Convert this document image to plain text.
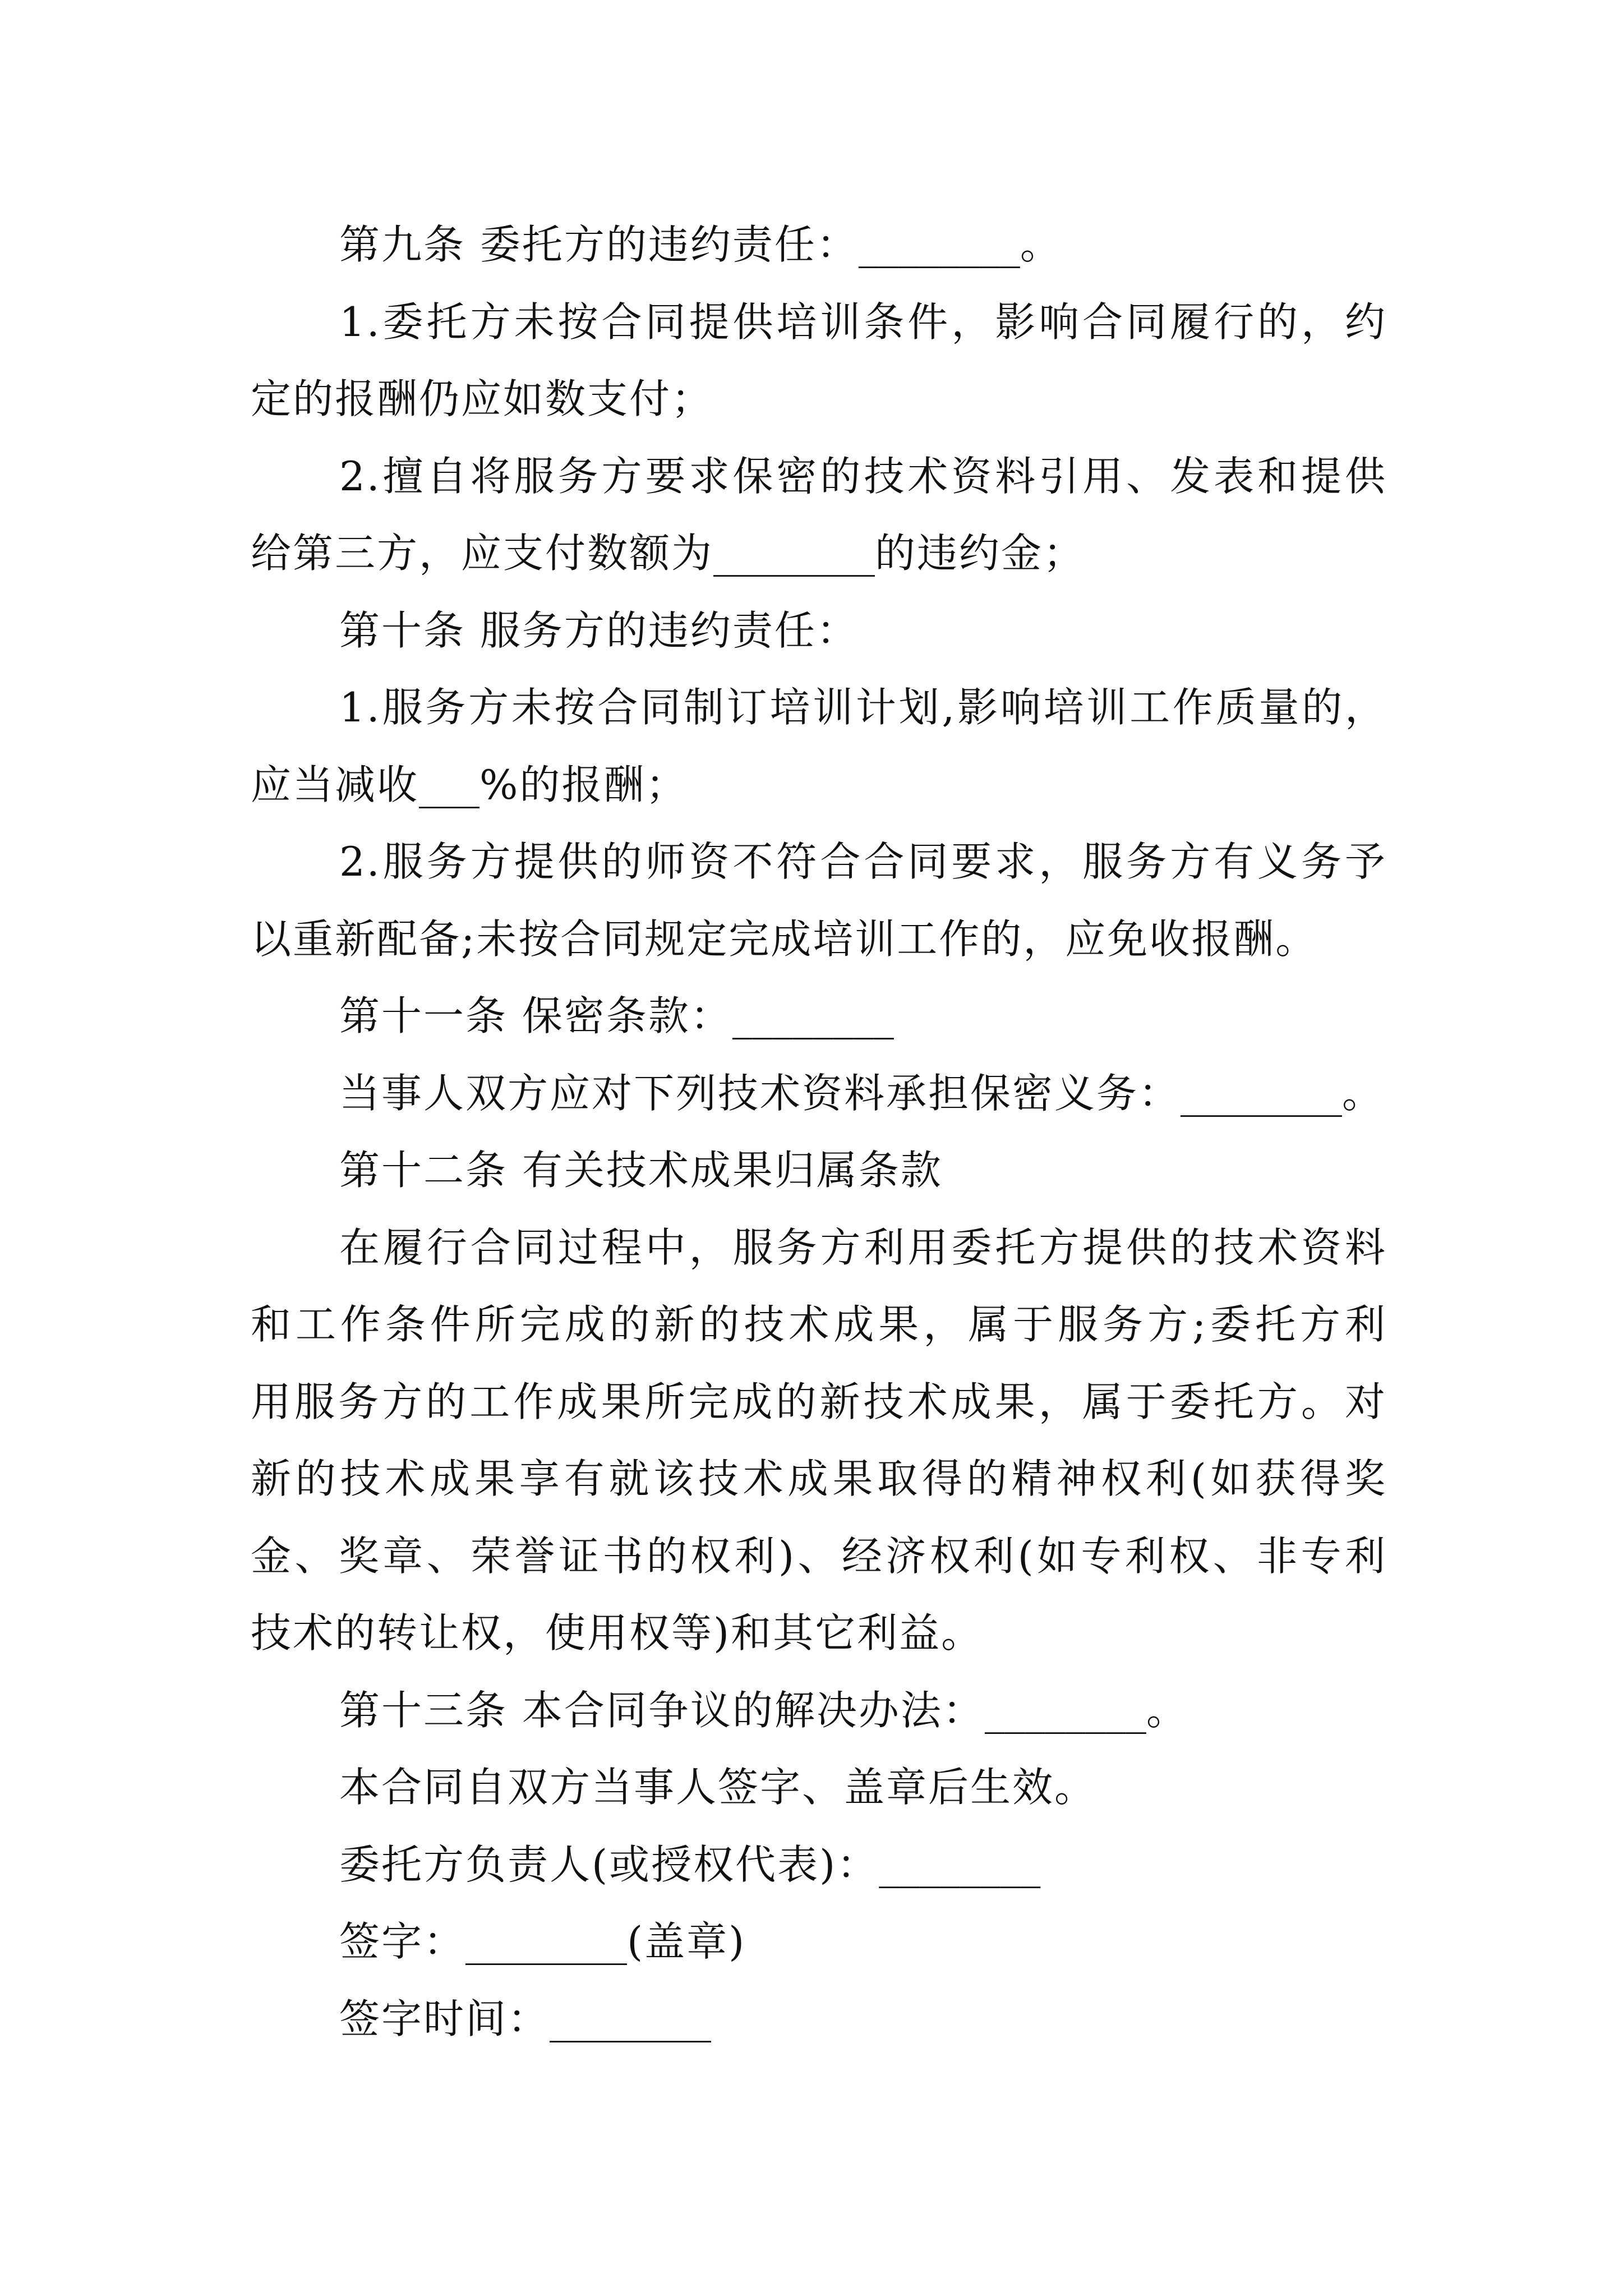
第九条 委托方的违约责任：________。
1.委托方未按合同提供培训条件，影响合同履行的，约
定的报酬仍应如数支付；
2.擅自将服务方要求保密的技术资料引用、发表和提供
给第三方，应支付数额为________的违约金；
第十条 服务方的违约责任：
1.服务方未按合同制订培训计划,影响培训工作质量的，
应当减收___%的报酬；
2.服务方提供的师资不符合合同要求，服务方有义务予
以重新配备;未按合同规定完成培训工作的，应免收报酬。
第十一条 保密条款：________
当事人双方应对下列技术资料承担保密义务：________。
第十二条 有关技术成果归属条款
在履行合同过程中，服务方利用委托方提供的技术资料
和工作条件所完成的新的技术成果，属于服务方;委托方利
用服务方的工作成果所完成的新技术成果，属于委托方。对
新的技术成果享有就该技术成果取得的精神权利(如获得奖
金、奖章、荣誉证书的权利)、经济权利(如专利权、非专利
技术的转让权，使用权等)和其它利益。
第十三条 本合同争议的解决办法：________。
本合同自双方当事人签字、盖章后生效。
委托方负责人(或授权代表)：________
签字：________(盖章)
签字时间：________
